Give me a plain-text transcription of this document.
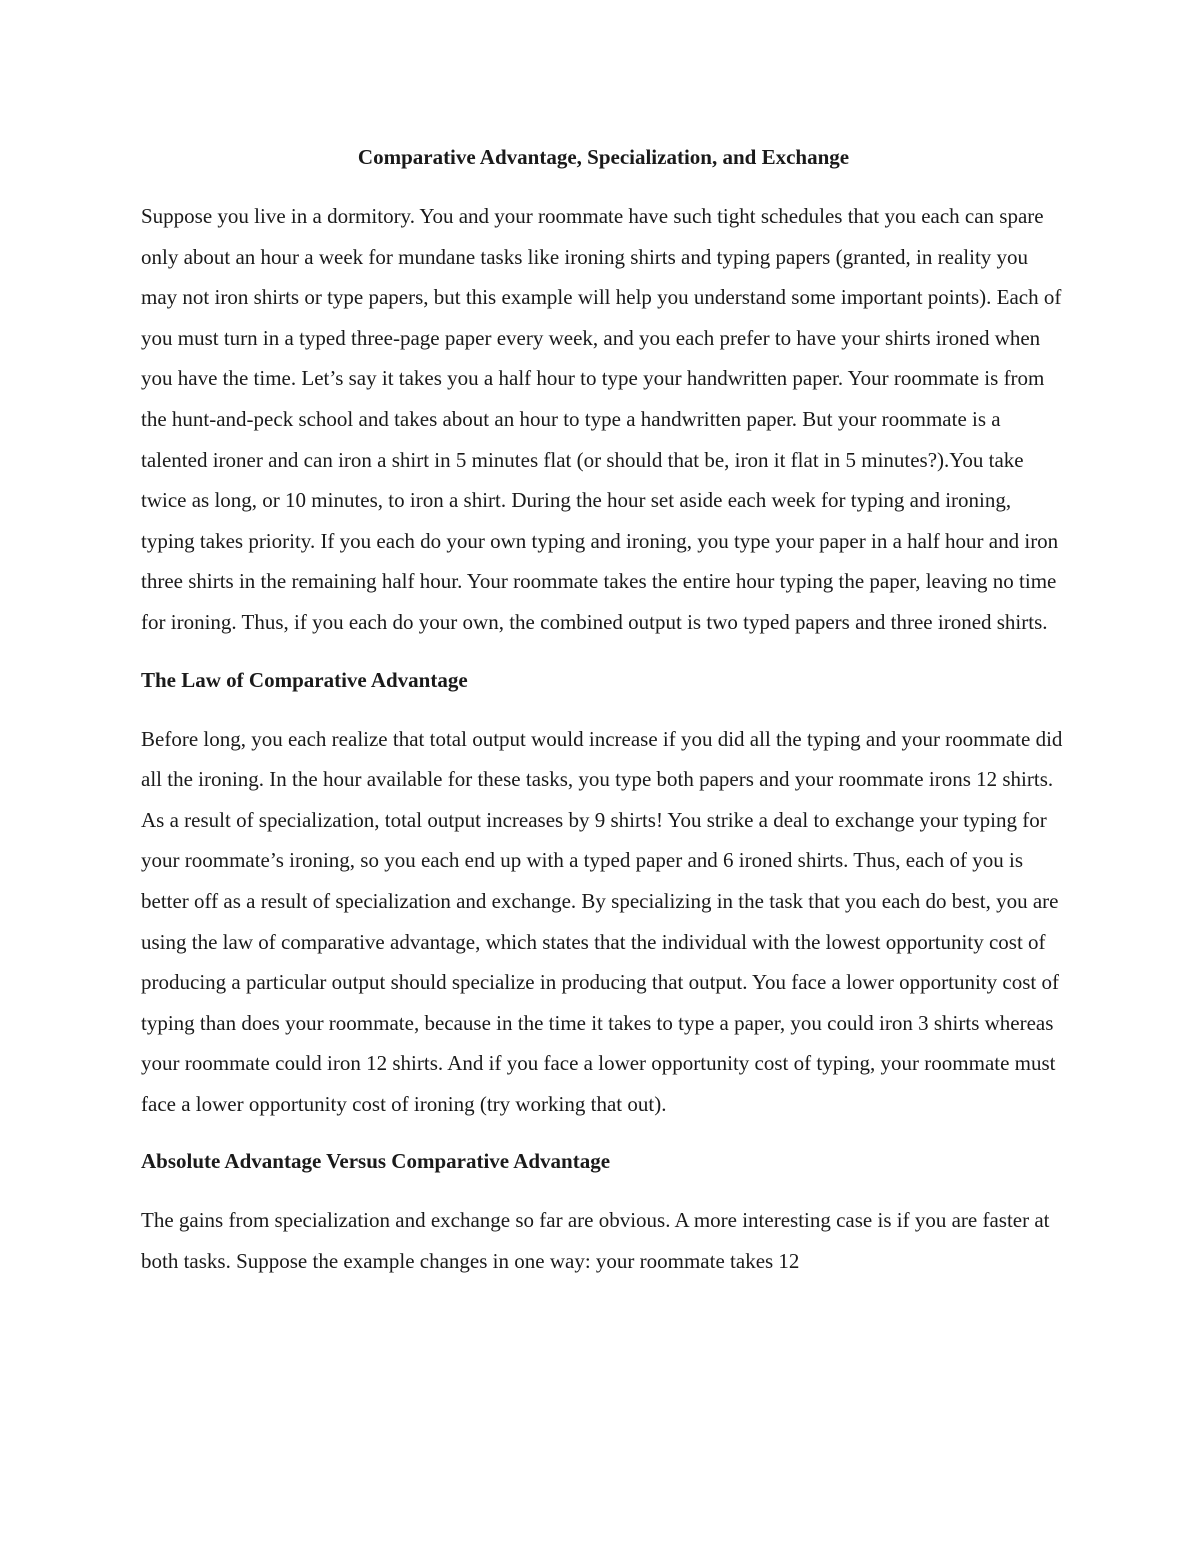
Comparative Advantage, Specialization, and Exchange

Suppose you live in a dormitory. You and your roommate have such tight schedules that you each can spare only about an hour a week for mundane tasks like ironing shirts and typing papers (granted, in reality you may not iron shirts or type papers, but this example will help you understand some important points). Each of you must turn in a typed three-page paper every week, and you each prefer to have your shirts ironed when you have the time. Let’s say it takes you a half hour to type your handwritten paper. Your roommate is from the hunt-and-peck school and takes about an hour to type a handwritten paper. But your roommate is a talented ironer and can iron a shirt in 5 minutes flat (or should that be, iron it flat in 5 minutes?).You take twice as long, or 10 minutes, to iron a shirt. During the hour set aside each week for typing and ironing, typing takes priority. If you each do your own typing and ironing, you type your paper in a half hour and iron three shirts in the remaining half hour. Your roommate takes the entire hour typing the paper, leaving no time for ironing. Thus, if you each do your own, the combined output is two typed papers and three ironed shirts.

The Law of Comparative Advantage

Before long, you each realize that total output would increase if you did all the typing and your roommate did all the ironing. In the hour available for these tasks, you type both papers and your roommate irons 12 shirts. As a result of specialization, total output increases by 9 shirts! You strike a deal to exchange your typing for your roommate’s ironing, so you each end up with a typed paper and 6 ironed shirts. Thus, each of you is better off as a result of specialization and exchange. By specializing in the task that you each do best, you are using the law of comparative advantage, which states that the individual with the lowest opportunity cost of producing a particular output should specialize in producing that output. You face a lower opportunity cost of typing than does your roommate, because in the time it takes to type a paper, you could iron 3 shirts whereas your roommate could iron 12 shirts. And if you face a lower opportunity cost of typing, your roommate must face a lower opportunity cost of ironing (try working that out).

Absolute Advantage Versus Comparative Advantage

The gains from specialization and exchange so far are obvious. A more interesting case is if you are faster at both tasks. Suppose the example changes in one way: your roommate takes 12
